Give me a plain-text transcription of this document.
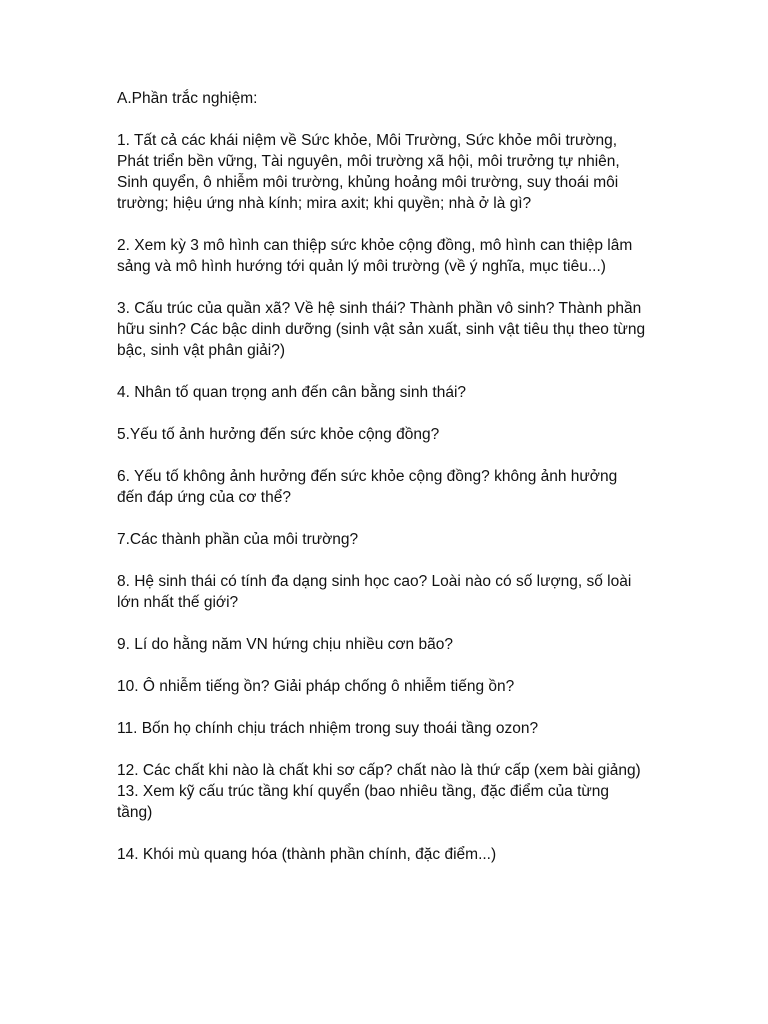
A.Phần trắc nghiệm:
1. Tất cả các khái niệm về Sức khỏe, Môi Trường, Sức khỏe môi trường, Phát triển bền vững, Tài nguyên, môi trường xã hội, môi trưởng tự nhiên, Sinh quyển, ô nhiễm môi trường, khủng hoảng môi trường, suy thoái môi trường; hiệu ứng nhà kính; mira axit; khi quyền; nhà ở là gì?
2. Xem kỳ 3 mô hình can thiệp sức khỏe cộng đồng, mô hình can thiệp lâm sảng và mô hình hướng tới quản lý môi trường (về ý nghĩa, mục tiêu...)
3. Cấu trúc của quần xã? Về hệ sinh thái? Thành phần vô sinh? Thành phần hữu sinh? Các bậc dinh dưỡng (sinh vật sản xuất, sinh vật tiêu thụ theo từng bậc, sinh vật phân giải?)
4. Nhân tố quan trọng anh đến cân bằng sinh thái?
5.Yếu tố ảnh hưởng đến sức khỏe cộng đồng?
6. Yếu tố không ảnh hưởng đến sức khỏe cộng đồng? không ảnh hưởng đến đáp ứng của cơ thể?
7.Các thành phần của môi trường?
8. Hệ sinh thái có tính đa dạng sinh học cao? Loài nào có số lượng, số loài lớn nhất thế giới?
9. Lí do hằng năm VN hứng chịu nhiều cơn bão?
10. Ô nhiễm tiếng ồn? Giải pháp chống ô nhiễm tiếng ồn?
11. Bốn họ chính chịu trách nhiệm trong suy thoái tầng ozon?
12. Các chất khi nào là chất khi sơ cấp? chất nào là thứ cấp (xem bài giảng)
13. Xem kỹ cấu trúc tầng khí quyển (bao nhiêu tầng, đặc điểm của từng tầng)
14. Khói mù quang hóa (thành phần chính, đặc điểm...)
